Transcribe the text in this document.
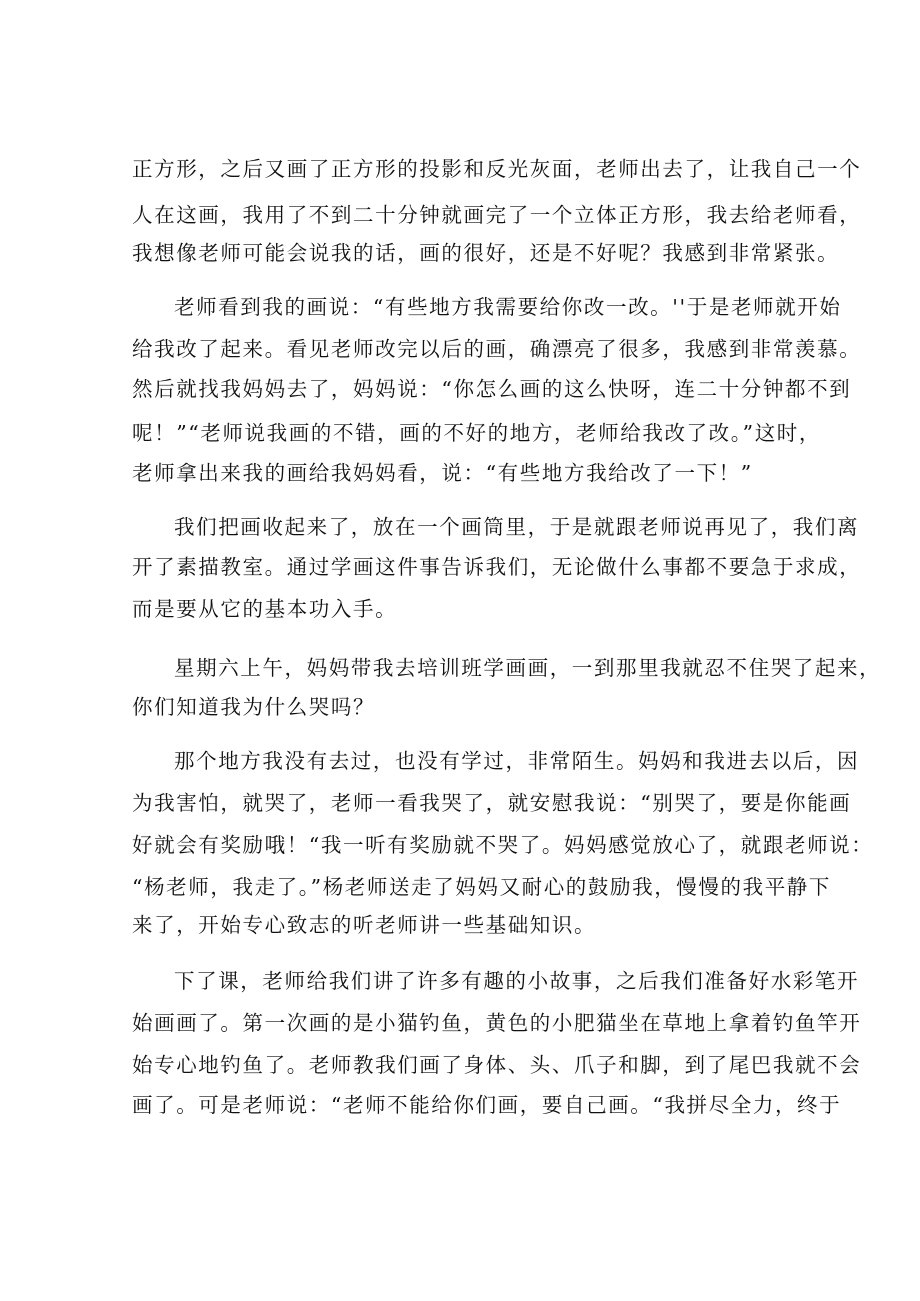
正方形，之后又画了正方形的投影和反光灰面，老师出去了，让我自己一个
人在这画，我用了不到二十分钟就画完了一个立体正方形，我去给老师看，
我想像老师可能会说我的话，画的很好，还是不好呢？我感到非常紧张。
老师看到我的画说：“有些地方我需要给你改一改。''于是老师就开始
给我改了起来。看见老师改完以后的画，确漂亮了很多，我感到非常羡慕。
然后就找我妈妈去了，妈妈说：“你怎么画的这么快呀，连二十分钟都不到
呢！”“老师说我画的不错，画的不好的地方，老师给我改了改。”这时，
老师拿出来我的画给我妈妈看，说：“有些地方我给改了一下！”
我们把画收起来了，放在一个画筒里，于是就跟老师说再见了，我们离
开了素描教室。通过学画这件事告诉我们，无论做什么事都不要急于求成，
而是要从它的基本功入手。
星期六上午，妈妈带我去培训班学画画，一到那里我就忍不住哭了起来，
你们知道我为什么哭吗？
那个地方我没有去过，也没有学过，非常陌生。妈妈和我进去以后，因
为我害怕，就哭了，老师一看我哭了，就安慰我说：“别哭了，要是你能画
好就会有奖励哦！“我一听有奖励就不哭了。妈妈感觉放心了，就跟老师说：
“杨老师，我走了。”杨老师送走了妈妈又耐心的鼓励我，慢慢的我平静下
来了，开始专心致志的听老师讲一些基础知识。
下了课，老师给我们讲了许多有趣的小故事，之后我们准备好水彩笔开
始画画了。第一次画的是小猫钓鱼，黄色的小肥猫坐在草地上拿着钓鱼竿开
始专心地钓鱼了。老师教我们画了身体、头、爪子和脚，到了尾巴我就不会
画了。可是老师说：“老师不能给你们画，要自己画。“我拼尽全力，终于
